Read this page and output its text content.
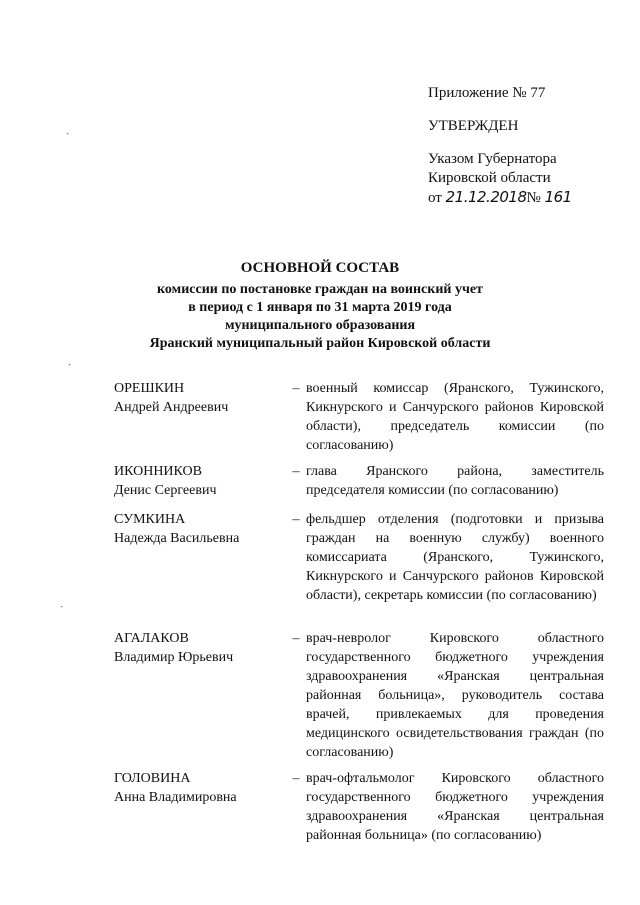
Приложение № 77
УТВЕРЖДЕН
Указом Губернатора
Кировской области
от 21.12.2018№ 161
ОСНОВНОЙ СОСТАВ
комиссии по постановке граждан на воинский учет
в период с 1 января по 31 марта 2019 года
муниципального образования
Яранский муниципальный район Кировской области
ОРЕШКИН
Андрей Андреевич
– военный комиссар (Яранского, Тужинского, Кикнурского и Санчурского районов Кировской области), председатель комиссии (по согласованию)
ИКОННИКОВ
Денис Сергеевич
– глава Яранского района, заместитель председателя комиссии (по согласованию)
СУМКИНА
Надежда Васильевна
– фельдшер отделения (подготовки и призыва граждан на военную службу) военного комиссариата (Яранского, Тужинского, Кикнурского и Санчурского районов Кировской области), секретарь комиссии (по согласованию)
АГАЛАКОВ
Владимир Юрьевич
– врач-невролог Кировского областного государственного бюджетного учреждения здравоохранения «Яранская центральная районная больница», руководитель состава врачей, привлекаемых для проведения медицинского освидетельствования граждан (по согласованию)
ГОЛОВИНА
Анна Владимировна
– врач-офтальмолог Кировского областного государственного бюджетного учреждения здравоохранения «Яранская центральная районная больница» (по согласованию)
ˏ
ˏ
ˏ
